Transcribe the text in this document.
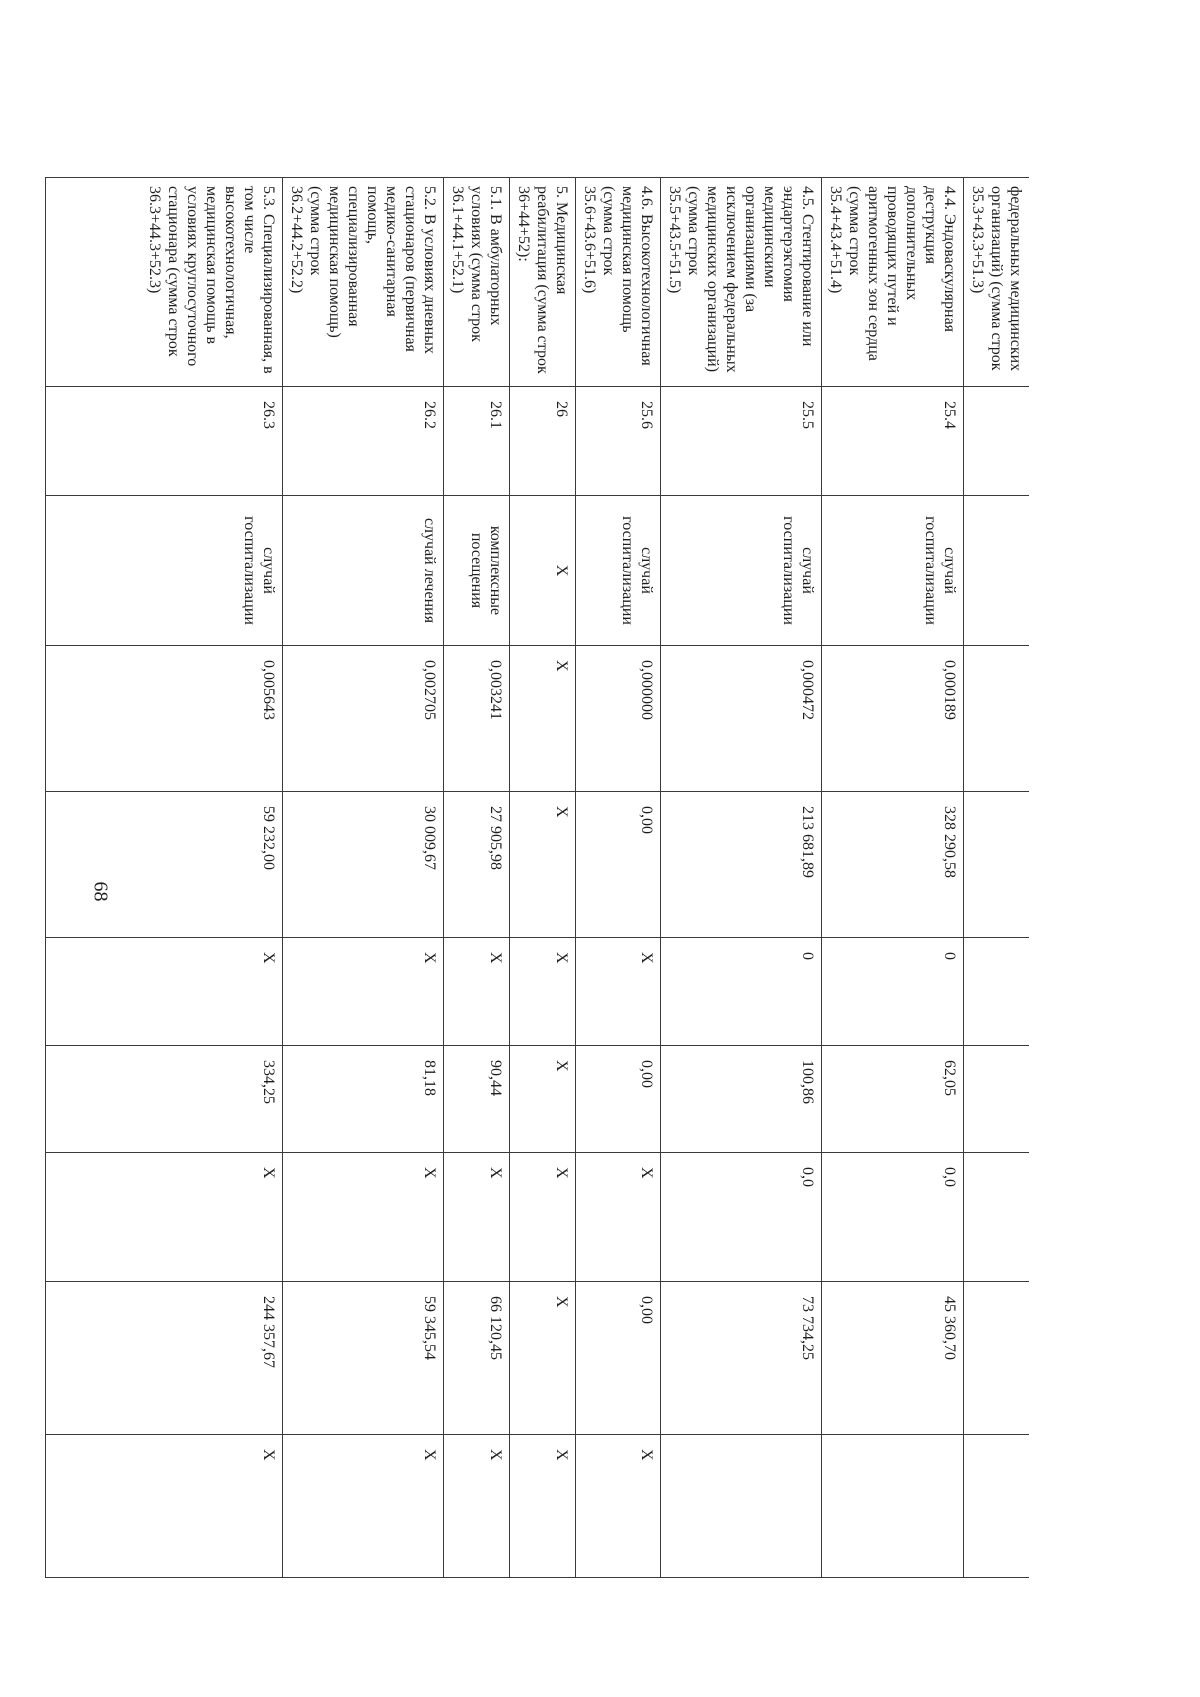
68
федеральных медицинских организаций) (сумма строк 35.3+43.3+51.3)									
4.4. Эндоваскулярная деструкция дополнительных проводящих путей и аритмогенных зон сердца (сумма строк 35.4+43.4+51.4)	25.4	случай госпитализации	0,000189	328 290,58	0	62,05	0,0	45 360,70	
4.5. Стентирование или эндартерэктомия медицинскими организациями (за исключением федеральных медицинских организаций) (сумма строк 35.5+43.5+51.5)	25.5	случай госпитализации	0,000472	213 681,89	0	100,86	0,0	73 734,25	
4.6. Высокотехнологичная медицинская помощь (сумма строк 35.6+43.6+51.6)	25.6	случай госпитализации	0,000000	0,00	Х	0,00	Х	0,00	Х
5. Медицинская реабилитация (сумма строк 36+44+52):	26	Х	Х	Х	Х	Х	Х	Х	Х
5.1. В амбулаторных условиях (сумма строк 36.1+44.1+52.1)	26.1	комплексные посещения	0,003241	27 905,98	Х	90,44	Х	66 120,45	Х
5.2. В условиях дневных стационаров (первичная медико-санитарная помощь, специализированная медицинская помощь) (сумма строк 36.2+44.2+52.2)	26.2	случай лечения	0,002705	30 009,67	Х	81,18	Х	59 345,54	Х
5.3. Специализированная, в том числе высокотехнологичная, медицинская помощь в условиях круглосуточного стационара (сумма строк 36.3+44.3+52.3)	26.3	случай госпитализации	0,005643	59 232,00	Х	334,25	Х	244 357,67	Х
